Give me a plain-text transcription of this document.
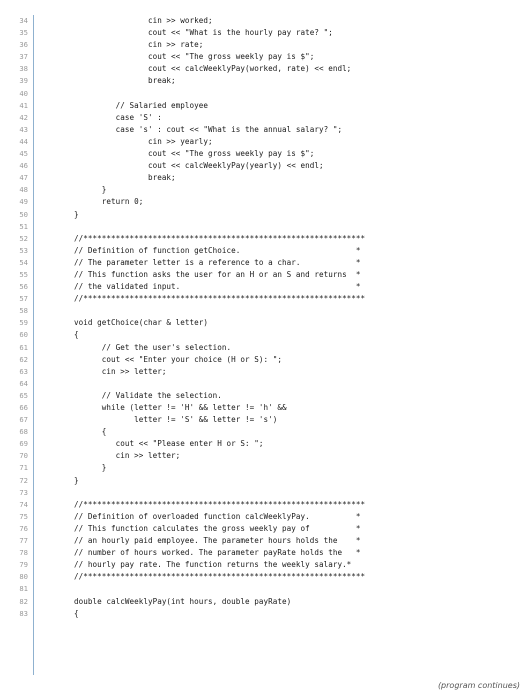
34	cin >> worked;
35	cout << "What is the hourly pay rate? ";
36	cin >> rate;
37	cout << "The gross weekly pay is $";
38	cout << calcWeeklyPay(worked, rate) << endl;
39	break;
40
41	// Salaried employee
42	case 'S' :
43	case 's' : cout << "What is the annual salary? ";
44	cin >> yearly;
45	cout << "The gross weekly pay is $";
46	cout << calcWeeklyPay(yearly) << endl;
47	break;
48	}
49	return 0;
50	}
51
52	//*************************************************************
53	// Definition of function getChoice.                         *
54	// The parameter letter is a reference to a char.            *
55	// This function asks the user for an H or an S and returns  *
56	// the validated input.                                      *
57	//*************************************************************
58
59	void getChoice(char & letter)
60	{
61	// Get the user's selection.
62	cout << "Enter your choice (H or S): ";
63	cin >> letter;
64
65	// Validate the selection.
66	while (letter != 'H' && letter != 'h' &&
67	letter != 'S' && letter != 's')
68	{
69	cout << "Please enter H or S: ";
70	cin >> letter;
71	}
72	}
73
74	//*************************************************************
75	// Definition of overloaded function calcWeeklyPay.          *
76	// This function calculates the gross weekly pay of          *
77	// an hourly paid employee. The parameter hours holds the    *
78	// number of hours worked. The parameter payRate holds the   *
79	// hourly pay rate. The function returns the weekly salary.*
80	//*************************************************************
81
82	double calcWeeklyPay(int hours, double payRate)
83	{
(program continues)
